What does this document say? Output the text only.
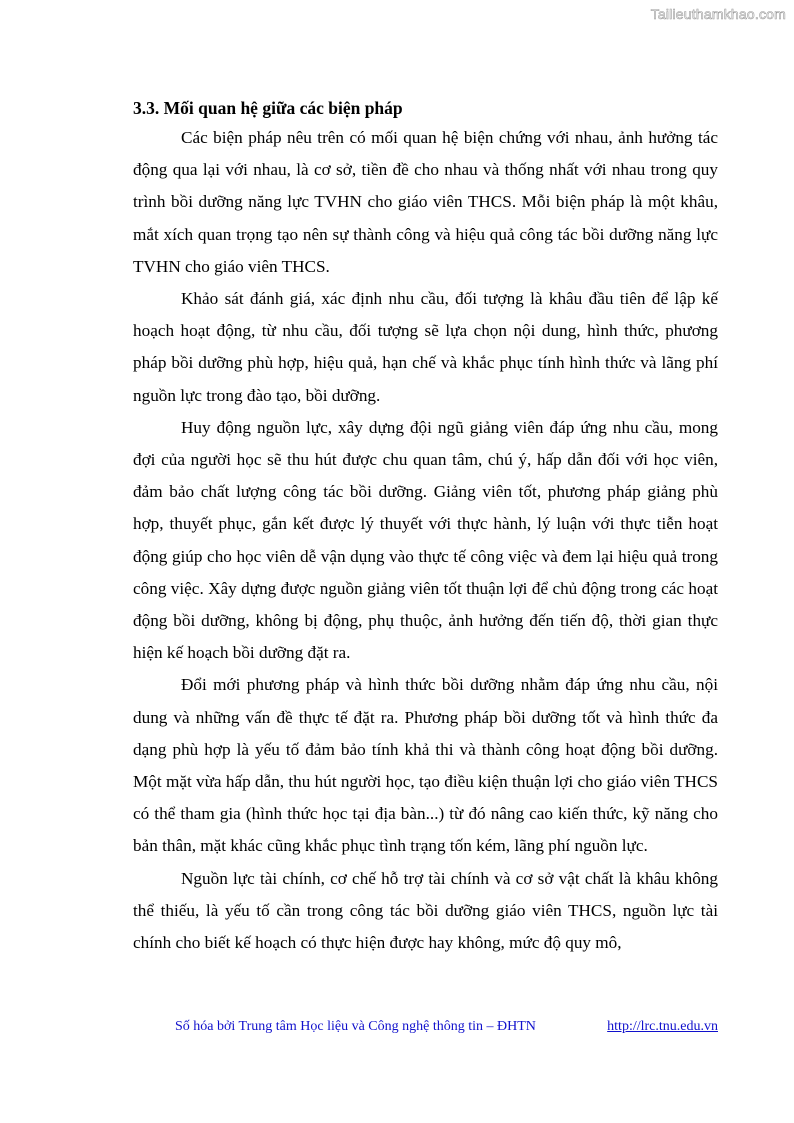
Tailieuthamkhao.com
3.3. Mối quan hệ giữa các biện pháp

Các biện pháp nêu trên có mối quan hệ biện chứng với nhau, ảnh hưởng tác động qua lại với nhau, là cơ sở, tiền đề cho nhau và thống nhất với nhau trong quy trình bồi dưỡng năng lực TVHN cho giáo viên THCS. Mỗi biện pháp là một khâu, mắt xích quan trọng tạo nên sự thành công và hiệu quả công tác bồi dưỡng năng lực TVHN cho giáo viên THCS.

Khảo sát đánh giá, xác định nhu cầu, đối tượng là khâu đầu tiên để lập kế hoạch hoạt động, từ nhu cầu, đối tượng sẽ lựa chọn nội dung, hình thức, phương pháp bồi dưỡng phù hợp, hiệu quả, hạn chế và khắc phục tính hình thức và lãng phí nguồn lực trong đào tạo, bồi dưỡng.

Huy động nguồn lực, xây dựng đội ngũ giảng viên đáp ứng nhu cầu, mong đợi của người học sẽ thu hút được chu quan tâm, chú ý, hấp dẫn đối với học viên, đảm bảo chất lượng công tác bồi dưỡng. Giảng viên tốt, phương pháp giảng phù hợp, thuyết phục, gắn kết được lý thuyết với thực hành, lý luận với thực tiễn hoạt động giúp cho học viên dễ vận dụng vào thực tế công việc và đem lại hiệu quả trong công việc. Xây dựng được nguồn giảng viên tốt thuận lợi để chủ động trong các hoạt động bồi dưỡng, không bị động, phụ thuộc, ảnh hưởng đến tiến độ, thời gian thực hiện kế hoạch bồi dưỡng đặt ra.

Đổi mới phương pháp và hình thức bồi dưỡng nhằm đáp ứng nhu cầu, nội dung và những vấn đề thực tế đặt ra. Phương pháp bồi dưỡng tốt và hình thức đa dạng phù hợp là yếu tố đảm bảo tính khả thi và thành công hoạt động bồi dưỡng. Một mặt vừa hấp dẫn, thu hút người học, tạo điều kiện thuận lợi cho giáo viên THCS có thể tham gia (hình thức học tại địa bàn...) từ đó nâng cao kiến thức, kỹ năng cho bản thân, mặt khác cũng khắc phục tình trạng tốn kém, lãng phí nguồn lực.

Nguồn lực tài chính, cơ chế hỗ trợ tài chính và cơ sở vật chất là khâu không thể thiếu, là yếu tố cần trong công tác bồi dưỡng giáo viên THCS, nguồn lực tài chính cho biết kế hoạch có thực hiện được hay không, mức độ quy mô,

Số hóa bởi Trung tâm Học liệu và Công nghệ thông tin – ĐHTN	http://lrc.tnu.edu.vn
